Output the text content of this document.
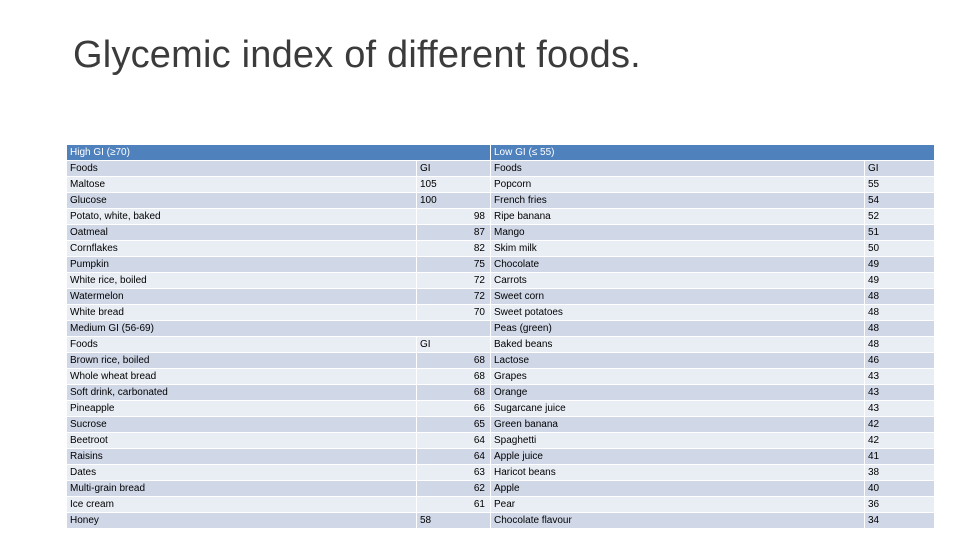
Glycemic index of different foods.
High GI (≥70)	Low GI (≤ 55)
Foods	GI	Foods	GI
Maltose	105	Popcorn	55
Glucose	100	French fries	54
Potato, white, baked	98 Ripe banana	52
Oatmeal	87 Mango	51
Cornflakes	82 Skim milk	50
Pumpkin	75 Chocolate	49
White rice, boiled	72 Carrots	49
Watermelon	72 Sweet corn	48
White bread	70 Sweet potatoes	48
Medium GI (56-69)	Peas (green)	48
Foods	GI	Baked beans	48
Brown rice, boiled	68 Lactose	46
Whole wheat bread	68 Grapes	43
Soft drink, carbonated	68 Orange	43
Pineapple	66 Sugarcane juice	43
Sucrose	65 Green banana	42
Beetroot	64 Spaghetti	42
Raisins	64 Apple juice	41
Dates	63 Haricot beans	38
Multi-grain bread	62 Apple	40
Ice cream	61 Pear	36
Honey	58	Chocolate flavour	34
